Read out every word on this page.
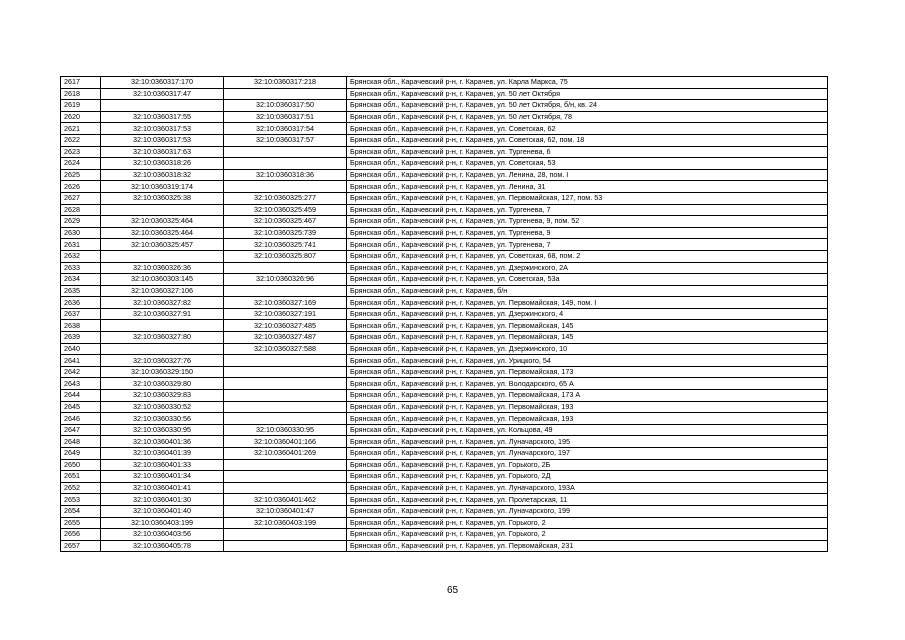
2617	32:10:0360317:170	32:10:0360317:218	Брянская обл., Карачевский р-н, г. Карачев, ул. Карла Маркса, 75
2618	32:10:0360317:47		Брянская обл., Карачевский р-н, г. Карачев, ул. 50 лет Октября
2619		32:10:0360317:50	Брянская обл., Карачевский р-н, г. Карачев, ул. 50 лет Октября, б/н, кв. 24
2620	32:10:0360317:55	32:10:0360317:51	Брянская обл., Карачевский р-н, г. Карачев, ул. 50 лет Октября, 78
2621	32:10:0360317:53	32:10:0360317:54	Брянская обл., Карачевский р-н, г. Карачев, ул. Советская, 62
2622	32:10:0360317:53	32:10:0360317:57	Брянская обл., Карачевский р-н, г. Карачев, ул. Советская, 62, пом. 18
2623	32:10:0360317:63		Брянская обл., Карачевский р-н, г. Карачев, ул. Тургенева, 6
2624	32:10:0360318:26		Брянская обл., Карачевский р-н, г. Карачев, ул. Советская, 53
2625	32:10:0360318:32	32:10:0360318:36	Брянская обл., Карачевский р-н, г. Карачев, ул. Ленина, 28, пом. I
2626	32:10:0360319:174		Брянская обл., Карачевский р-н, г. Карачев, ул. Ленина, 31
2627	32:10:0360325:38	32:10:0360325:277	Брянская обл., Карачевский р-н, г. Карачев, ул. Первомайская, 127, пом. 53
2628		32:10:0360325:459	Брянская обл., Карачевский р-н, г. Карачев, ул. Тургенева, 7
2629	32:10:0360325:464	32:10:0360325:467	Брянская обл., Карачевский р-н, г. Карачев, ул. Тургенева, 9, пом. 52
2630	32:10:0360325:464	32:10:0360325:739	Брянская обл., Карачевский р-н, г. Карачев, ул. Тургенева, 9
2631	32:10:0360325:457	32:10:0360325:741	Брянская обл., Карачевский р-н, г. Карачев, ул. Тургенева, 7
2632		32:10:0360325:807	Брянская обл., Карачевский р-н, г. Карачев, ул. Советская, 68, пом. 2
2633	32:10:0360326:36		Брянская обл., Карачевский р-н, г. Карачев, ул. Дзержинского, 2А
2634	32:10:0360303:145	32:10:0360326:96	Брянская обл., Карачевский р-н, г. Карачев, ул. Советская, 53а
2635	32:10:0360327:106		Брянская обл., Карачевский р-н, г. Карачев, б/н
2636	32:10:0360327:82	32:10:0360327:169	Брянская обл., Карачевский р-н, г. Карачев, ул. Первомайская, 149, пом. I
2637	32:10:0360327:91	32:10:0360327:191	Брянская обл., Карачевский р-н, г. Карачев, ул. Дзержинского, 4
2638		32:10:0360327:485	Брянская обл., Карачевский р-н, г. Карачев, ул. Первомайская, 145
2639	32:10:0360327:80	32:10:0360327:487	Брянская обл., Карачевский р-н, г. Карачев, ул. Первомайская, 145
2640		32:10:0360327:588	Брянская обл., Карачевский р-н, г. Карачев, ул. Дзержинского, 10
2641	32:10:0360327:76		Брянская обл., Карачевский р-н, г. Карачев, ул. Урицкого, 54
2642	32:10:0360329:150		Брянская обл., Карачевский р-н, г. Карачев, ул. Первомайская, 173
2643	32:10:0360329:80		Брянская обл., Карачевский р-н, г. Карачев, ул. Володарского, 65 А
2644	32:10:0360329:83		Брянская обл., Карачевский р-н, г. Карачев, ул. Первомайская, 173 А
2645	32:10:0360330:52		Брянская обл., Карачевский р-н, г. Карачев, ул. Первомайская, 193
2646	32:10:0360330:56		Брянская обл., Карачевский р-н, г. Карачев, ул. Первомайская, 193
2647	32:10:0360330:95	32:10:0360330:95	Брянская обл., Карачевский р-н, г. Карачев, ул. Кольцова, 49
2648	32:10:0360401:36	32:10:0360401:166	Брянская обл., Карачевский р-н, г. Карачев, ул. Луначарского, 195
2649	32:10:0360401:39	32:10:0360401:269	Брянская обл., Карачевский р-н, г. Карачев, ул. Луначарского, 197
2650	32:10:0360401:33		Брянская обл., Карачевский р-н, г. Карачев, ул. Горького, 2Б
2651	32:10:0360401:34		Брянская обл., Карачевский р-н, г. Карачев, ул. Горького, 2Д
2652	32:10:0360401:41		Брянская обл., Карачевский р-н, г. Карачев, ул. Луначарского, 193А
2653	32:10:0360401:30	32:10:0360401:462	Брянская обл., Карачевский р-н, г. Карачев, ул. Пролетарская, 11
2654	32:10:0360401:40	32:10:0360401:47	Брянская обл., Карачевский р-н, г. Карачев, ул. Луначарского, 199
2655	32:10:0360403:199	32:10:0360403:199	Брянская обл., Карачевский р-н, г. Карачев, ул. Горького, 2
2656	32:10:0360403:56		Брянская обл., Карачевский р-н, г. Карачев, ул. Горького, 2
2657	32:10:0360405:78		Брянская обл., Карачевский р-н, г. Карачев, ул. Первомайская, 231
65
